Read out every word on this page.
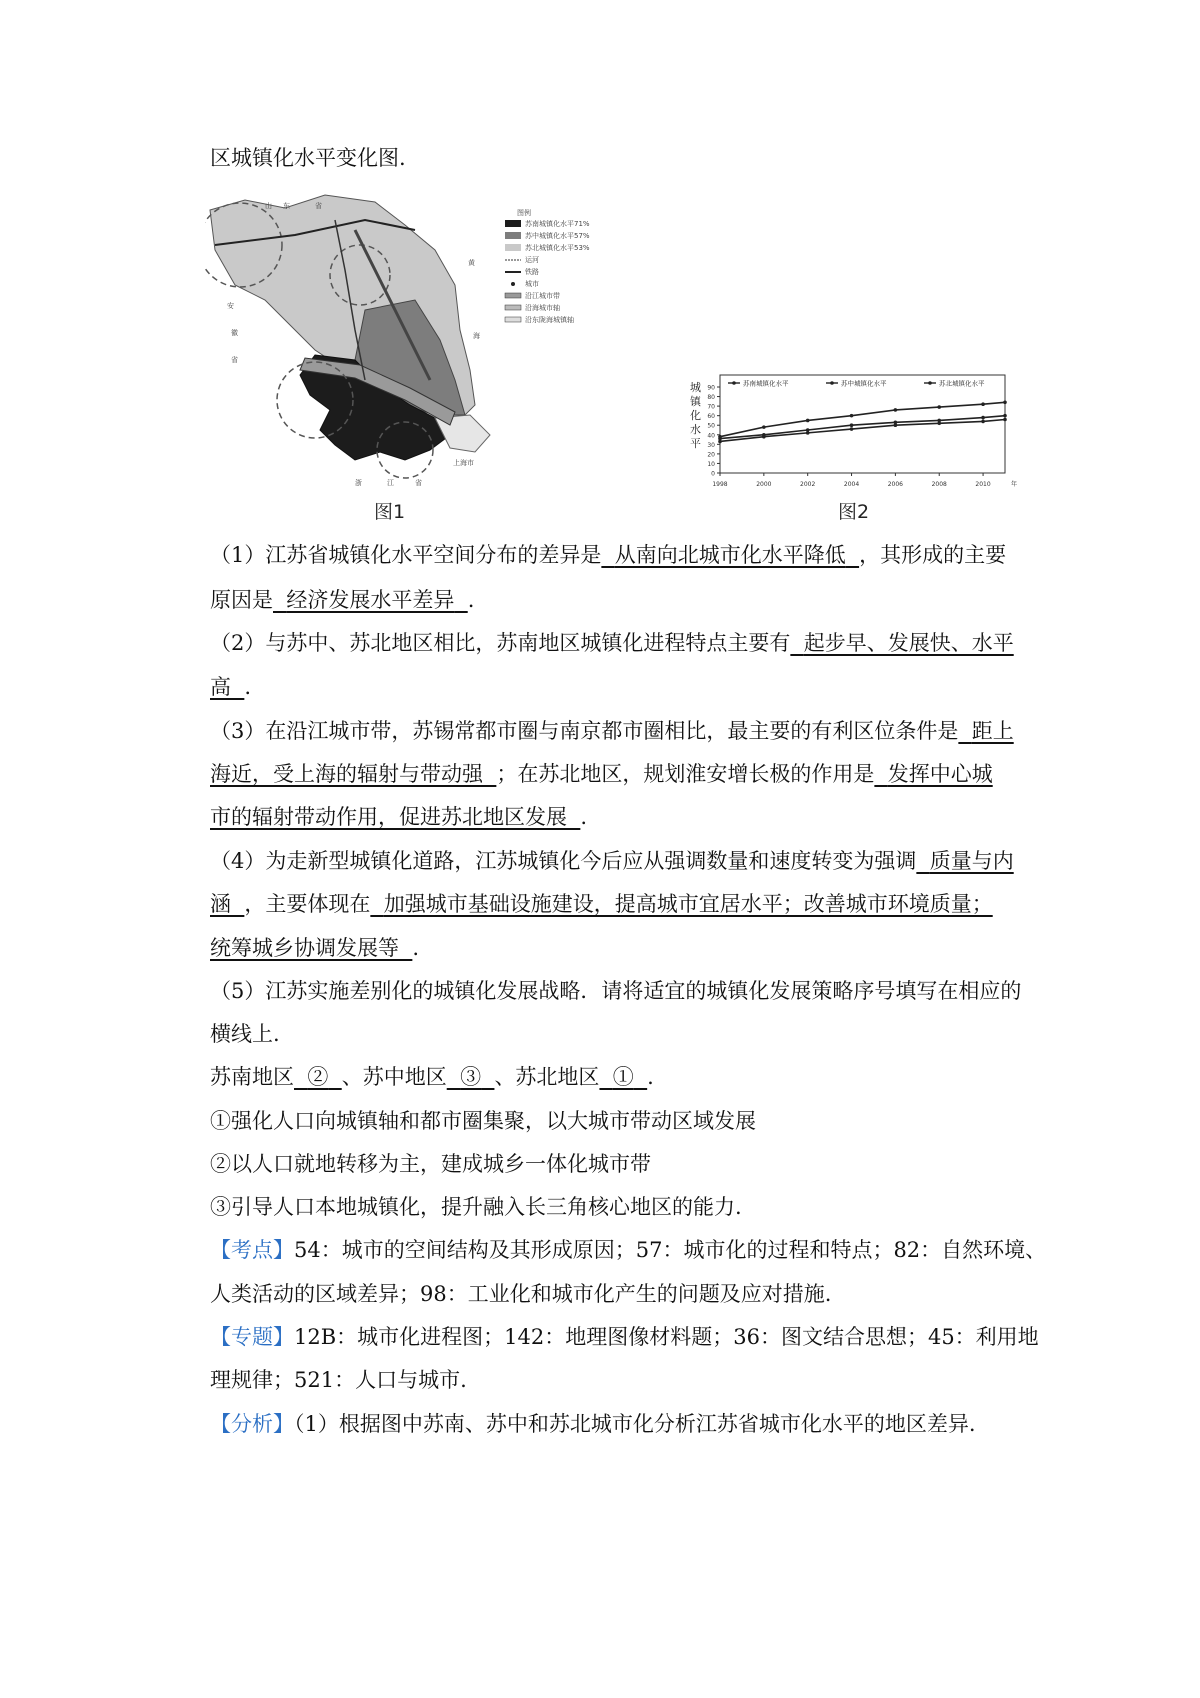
区城镇化水平变化图.
山 东	省
黄
安
徽
省
海
浙	江	省
上海市
图例
苏南城镇化水平71%
苏中城镇化水平57%
苏北城镇化水平53%
运河
铁路
城市
沿江城市带
沿海城市轴
沿东陇海城镇轴
图1
0
10
20
30
40
50
60
70
80
90
1998	2000	2002	2004	2006	2008	2010	年
城
镇
化
水
平
苏南城镇化水平	苏中城镇化水平	苏北城镇化水平
图2
（1）江苏省城镇化水平空间分布的差异是 从南向北城市化水平降低 ，其形成的主要
原因是 经济发展水平差异 .
（2）与苏中、苏北地区相比，苏南地区城镇化进程特点主要有 起步早、发展快、水平
高 .
（3）在沿江城市带，苏锡常都市圈与南京都市圈相比，最主要的有利区位条件是 距上
海近，受上海的辐射与带动强 ；在苏北地区，规划淮安增长极的作用是 发挥中心城
市的辐射带动作用，促进苏北地区发展 .
（4）为走新型城镇化道路，江苏城镇化今后应从强调数量和速度转变为强调 质量与内
涵 ，主要体现在 加强城市基础设施建设，提高城市宜居水平；改善城市环境质量；
统筹城乡协调发展等 .
（5）江苏实施差别化的城镇化发展战略．请将适宜的城镇化发展策略序号填写在相应的
横线上.
苏南地区 ② 、苏中地区 ③ 、苏北地区 ① .
①强化人口向城镇轴和都市圈集聚，以大城市带动区域发展
②以人口就地转移为主，建成城乡一体化城市带
③引导人口本地城镇化，提升融入长三角核心地区的能力.
【考点】54：城市的空间结构及其形成原因；57：城市化的过程和特点；82：自然环境、
人类活动的区域差异；98：工业化和城市化产生的问题及应对措施.
【专题】12B：城市化进程图；142：地理图像材料题；36：图文结合思想；45：利用地
理规律；521：人口与城市.
【分析】（1）根据图中苏南、苏中和苏北城市化分析江苏省城市化水平的地区差异.
